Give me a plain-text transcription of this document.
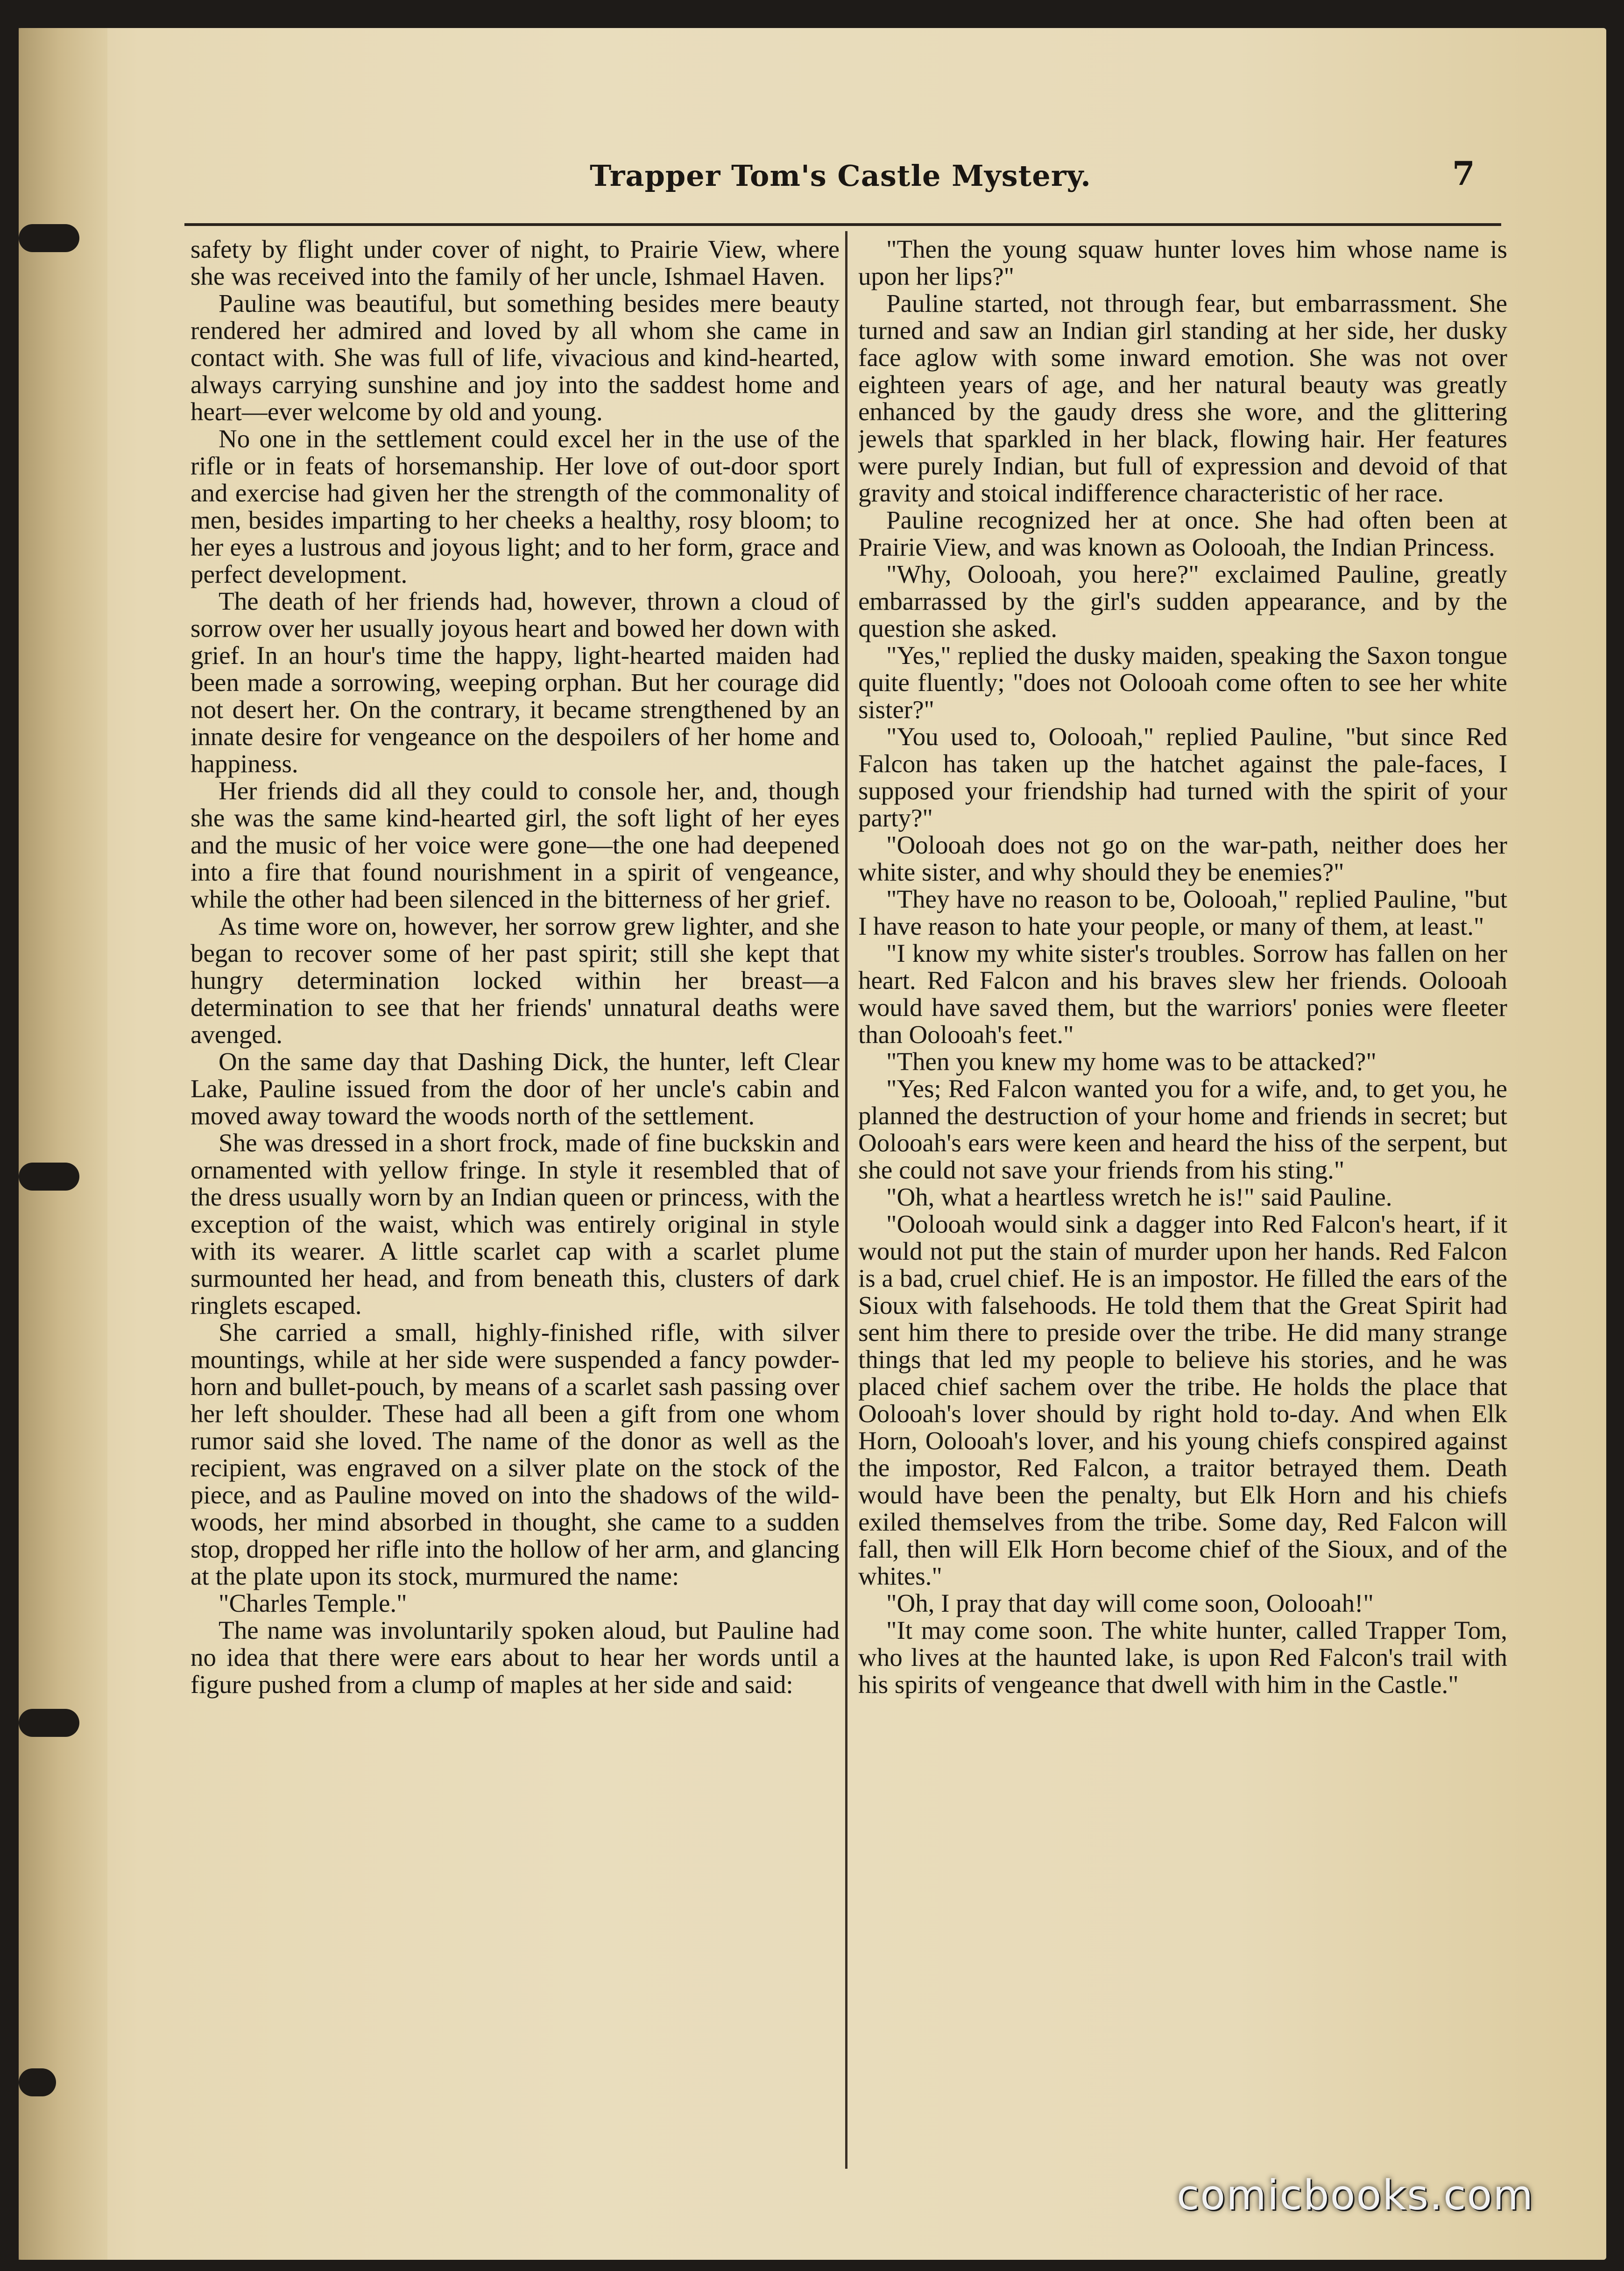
Trapper Tom's Castle Mystery.	7

safety by flight under cover of night, to Prairie View, where she was received into the family of her uncle, Ishmael Haven.

Pauline was beautiful, but something besides mere beauty rendered her admired and loved by all whom she came in contact with. She was full of life, vivacious and kind-hearted, always carrying sunshine and joy into the saddest home and heart—ever welcome by old and young.

No one in the settlement could excel her in the use of the rifle or in feats of horsemanship. Her love of out-door sport and exercise had given her the strength of the commonality of men, besides imparting to her cheeks a healthy, rosy bloom; to her eyes a lustrous and joyous light; and to her form, grace and perfect development.

The death of her friends had, however, thrown a cloud of sorrow over her usually joyous heart and bowed her down with grief. In an hour's time the happy, light-hearted maiden had been made a sorrowing, weeping orphan. But her courage did not desert her. On the contrary, it became strengthened by an innate desire for vengeance on the despoilers of her home and happiness.

Her friends did all they could to console her, and, though she was the same kind-hearted girl, the soft light of her eyes and the music of her voice were gone—the one had deepened into a fire that found nourishment in a spirit of vengeance, while the other had been silenced in the bitterness of her grief.

As time wore on, however, her sorrow grew lighter, and she began to recover some of her past spirit; still she kept that hungry determination locked within her breast—a determination to see that her friends' unnatural deaths were avenged.

On the same day that Dashing Dick, the hunter, left Clear Lake, Pauline issued from the door of her uncle's cabin and moved away toward the woods north of the settlement.

She was dressed in a short frock, made of fine buckskin and ornamented with yellow fringe. In style it resembled that of the dress usually worn by an Indian queen or princess, with the exception of the waist, which was entirely original in style with its wearer. A little scarlet cap with a scarlet plume surmounted her head, and from beneath this, clusters of dark ringlets escaped.

She carried a small, highly-finished rifle, with silver mountings, while at her side were suspended a fancy powder-horn and bullet-pouch, by means of a scarlet sash passing over her left shoulder. These had all been a gift from one whom rumor said she loved. The name of the donor as well as the recipient, was engraved on a silver plate on the stock of the piece, and as Pauline moved on into the shadows of the wild-woods, her mind absorbed in thought, she came to a sudden stop, dropped her rifle into the hollow of her arm, and glancing at the plate upon its stock, murmured the name:

"Charles Temple."

The name was involuntarily spoken aloud, but Pauline had no idea that there were ears about to hear her words until a figure pushed from a clump of maples at her side and said:

"Then the young squaw hunter loves him whose name is upon her lips?"

Pauline started, not through fear, but embarrassment. She turned and saw an Indian girl standing at her side, her dusky face aglow with some inward emotion. She was not over eighteen years of age, and her natural beauty was greatly enhanced by the gaudy dress she wore, and the glittering jewels that sparkled in her black, flowing hair. Her features were purely Indian, but full of expression and devoid of that gravity and stoical indifference characteristic of her race.

Pauline recognized her at once. She had often been at Prairie View, and was known as Oolooah, the Indian Princess.

"Why, Oolooah, you here?" exclaimed Pauline, greatly embarrassed by the girl's sudden appearance, and by the question she asked.

"Yes," replied the dusky maiden, speaking the Saxon tongue quite fluently; "does not Oolooah come often to see her white sister?"

"You used to, Oolooah," replied Pauline, "but since Red Falcon has taken up the hatchet against the pale-faces, I supposed your friendship had turned with the spirit of your party?"

"Oolooah does not go on the war-path, neither does her white sister, and why should they be enemies?"

"They have no reason to be, Oolooah," replied Pauline, "but I have reason to hate your people, or many of them, at least."

"I know my white sister's troubles. Sorrow has fallen on her heart. Red Falcon and his braves slew her friends. Oolooah would have saved them, but the warriors' ponies were fleeter than Oolooah's feet."

"Then you knew my home was to be attacked?"

"Yes; Red Falcon wanted you for a wife, and, to get you, he planned the destruction of your home and friends in secret; but Oolooah's ears were keen and heard the hiss of the serpent, but she could not save your friends from his sting."

"Oh, what a heartless wretch he is!" said Pauline.

"Oolooah would sink a dagger into Red Falcon's heart, if it would not put the stain of murder upon her hands. Red Falcon is a bad, cruel chief. He is an impostor. He filled the ears of the Sioux with falsehoods. He told them that the Great Spirit had sent him there to preside over the tribe. He did many strange things that led my people to believe his stories, and he was placed chief sachem over the tribe. He holds the place that Oolooah's lover should by right hold to-day. And when Elk Horn, Oolooah's lover, and his young chiefs conspired against the impostor, Red Falcon, a traitor betrayed them. Death would have been the penalty, but Elk Horn and his chiefs exiled themselves from the tribe. Some day, Red Falcon will fall, then will Elk Horn become chief of the Sioux, and of the whites."

"Oh, I pray that day will come soon, Oolooah!"

"It may come soon. The white hunter, called Trapper Tom, who lives at the haunted lake, is upon Red Falcon's trail with his spirits of vengeance that dwell with him in the Castle."

comicbooks.com
